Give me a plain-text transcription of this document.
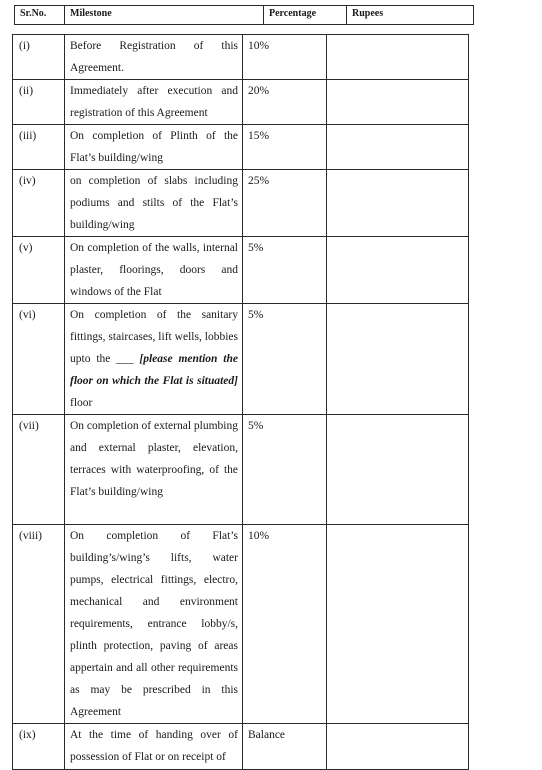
Sr.No.	Milestone	Percentage	Rupees
(i)	Before Registration of this Agreement.	10%	
(ii)	Immediately after execution and registration of this Agreement	20%	
(iii)	On completion of Plinth of the Flat’s building/wing	15%	
(iv)	on completion of slabs including podiums and stilts of the Flat’s building/wing	25%	
(v)	On completion of the walls, internal plaster, floorings, doors and windows of the Flat	5%	
(vi)	On completion of the sanitary fittings, staircases, lift wells, lobbies upto the ___ [please mention the floor on which the Flat is situated] floor	5%	
(vii)	On completion of external plumbing and external plaster, elevation, terraces with waterproofing, of the Flat’s building/wing	5%	
(viii)	On completion of Flat’s building’s/wing’s lifts, water pumps, electrical fittings, electro, mechanical and environment requirements, entrance lobby/s, plinth protection, paving of areas appertain and all other requirements as may be prescribed in this Agreement	10%	
(ix)	At the time of handing over of possession of Flat or on receipt of	Balance	
